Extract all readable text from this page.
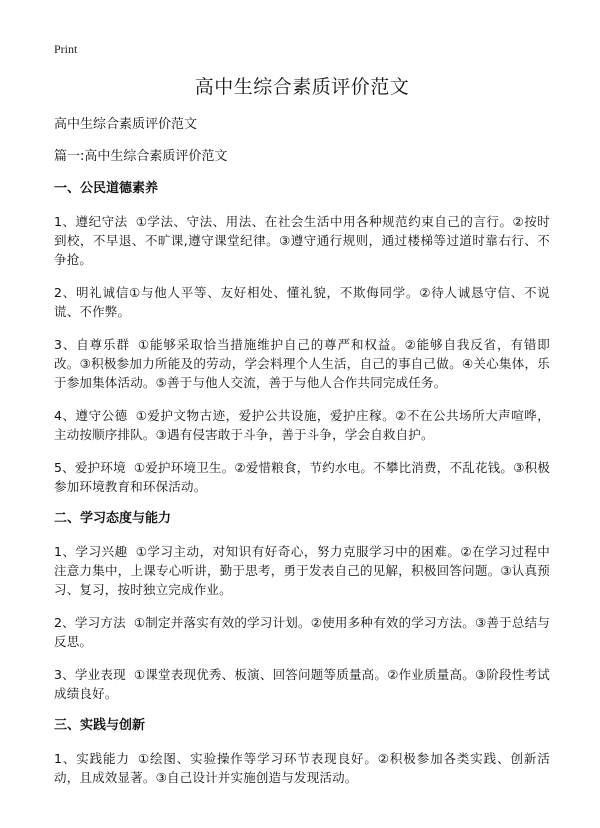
Print
高中生综合素质评价范文
高中生综合素质评价范文
篇一:高中生综合素质评价范文
一、公民道德素养
1、遵纪守法 ①学法、守法、用法、在社会生活中用各种规范约束自己的言行。②按时到校，不早退、不旷课,遵守课堂纪律。③遵守通行规则，通过楼梯等过道时靠右行、不争抢。
2、明礼诚信①与他人平等、友好相处、懂礼貌，不欺侮同学。②待人诚恳守信、不说谎、不作弊。
3、自尊乐群 ①能够采取恰当措施维护自己的尊严和权益。②能够自我反省，有错即改。③积极参加力所能及的劳动，学会料理个人生活，自己的事自己做。④关心集体，乐于参加集体活动。⑤善于与他人交流，善于与他人合作共同完成任务。
4、遵守公德 ①爱护文物古迹，爱护公共设施，爱护庄稼。②不在公共场所大声喧哗，主动按顺序排队。③遇有侵害敢于斗争，善于斗争，学会自救自护。
5、爱护环境 ①爱护环境卫生。②爱惜粮食，节约水电。不攀比消费，不乱花钱。③积极参加环境教育和环保活动。
二、学习态度与能力
1、学习兴趣 ①学习主动，对知识有好奇心，努力克服学习中的困难。②在学习过程中注意力集中，上课专心听讲，勤于思考，勇于发表自己的见解，积极回答问题。③认真预习、复习，按时独立完成作业。
2、学习方法 ①制定并落实有效的学习计划。②使用多种有效的学习方法。③善于总结与反思。
3、学业表现 ①课堂表现优秀、板演、回答问题等质量高。②作业质量高。③阶段性考试成绩良好。
三、实践与创新
1、实践能力 ①绘图、实验操作等学习环节表现良好。②积极参加各类实践、创新活动，且成效显著。③自己设计并实施创造与发现活动。
